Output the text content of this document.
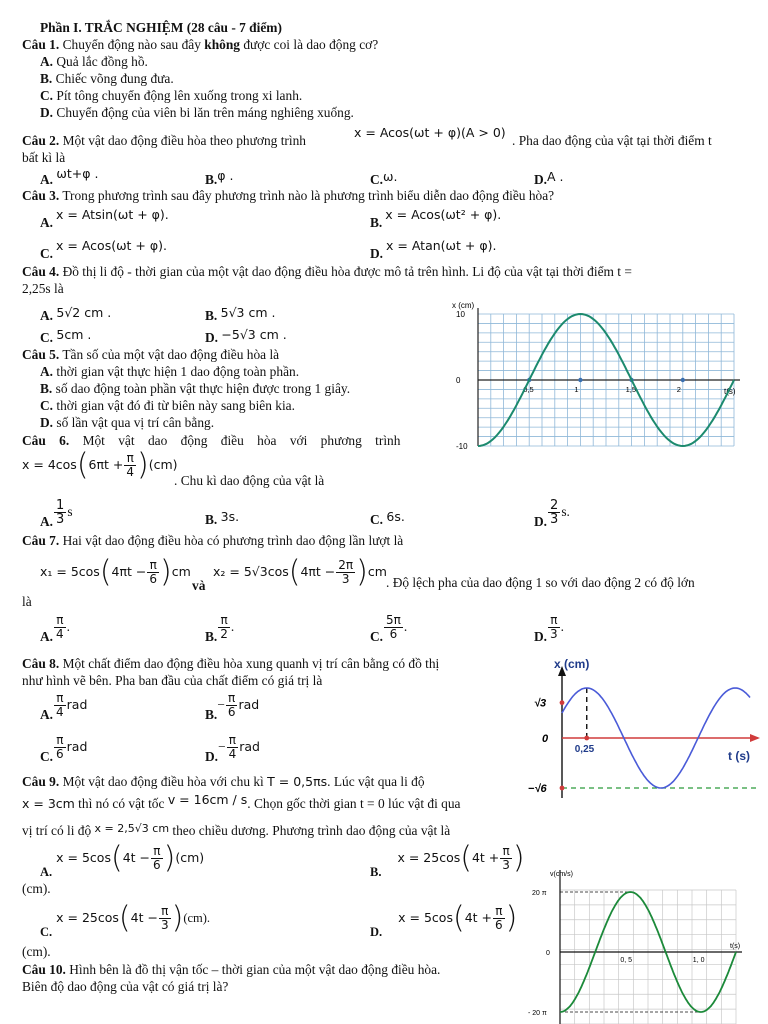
Phần I. TRẮC NGHIỆM (28 câu - 7 điểm)
Câu 1. Chuyển động nào sau đây không được coi là dao động cơ?
A. Quả lắc đồng hồ.
B. Chiếc võng đung đưa.
C. Pít tông chuyển động lên xuống trong xi lanh.
D. Chuyển động của viên bi lăn trên máng nghiêng xuống.
Câu 2. Một vật dao động điều hòa theo phương trình
x = Acos(ωt + φ)(A > 0)
. Pha dao động của vật tại thời điểm t
bất kì là
A. ωt+φ .	B.φ .	C.ω.	D.A .
Câu 3. Trong phương trình sau đây phương trình nào là phương trình biểu diễn dao động điều hòa?
A.x = Atsin(ωt + φ).
B.x = Acos(ωt² + φ).
C.x = Acos(ωt + φ).
D.x = Atan(ωt + φ).
Câu 4. Đồ thị li độ - thời gian của một vật dao động điều hòa được mô tả trên hình. Li độ của vật tại thời điểm t =
2,25s là
A. 5√2 cm .	B. 5√3 cm .
C. 5cm .	D. −5√3 cm .
x (cm)
t(s)
10
0
-10
0,5	1	1,5	2
Câu 5. Tần số của một vật dao động điều hòa là
A. thời gian vật thực hiện 1 dao động toàn phần.
B. số dao động toàn phần vật thực hiện được trong 1 giây.
C. thời gian vật đó đi từ biên này sang biên kia.
D. số lần vật qua vị trí cân bằng.
Câu 6. Một vật dao động điều hòa với phương trình
$x = 4\cos(6\pi t + \frac{\pi}{4} )(cm)$
. Chu kì dao động của vật là
A. $\frac{1}{3}$ s
B. 3s.	C. 6s.	D. $\frac{2}{3} s$.
Câu 7. Hai vật dao động điều hòa có phương trình dao động lần lượt là
$x_1 = 5\cos(4\pi t - \frac{\pi}{6} )cm$
và
$x_2 = 5√3\cos(4\pi t - \frac{2\pi}{3} )cm$
. Độ lệch pha của dao động 1 so với dao động 2 có độ lớn
là
A. $\frac{\pi}{4}$ .
B. $\frac{\pi}{2}$ .
C. $\frac{5\pi}{6}$ .
D. $\frac{\pi}{3}$ .
Câu 8. Một chất điểm dao động điều hòa xung quanh vị trí cân bằng có đồ thị
như hình vẽ bên. Pha ban đầu của chất điểm có giá trị là
A. $\frac{\pi}{4}$ rad
$B.- \frac{\pi}{6}$ rad
C. $\frac{\pi}{6}$ rad
$D.- \frac{\pi}{4}$ rad
x (cm)
t (s)
√3
0
−√6
0,25
Câu 9. Một vật dao động điều hòa với chu kì T = 0,5πs. Lúc vật qua li độ
x = 3cm thì nó có vật tốc v = 16cm / s. Chọn gốc thời gian t = 0 lúc vật đi qua
vị trí có li độ $^{x = 2,5√3 cm}$ theo chiều dương. Phương trình dao động của vật là
$A.x = 5\cos(4t - \frac{\pi}{6} )(cm)$
$B.x = 25\cos(4t + \frac{\pi}{3}$ )
(cm).
$C.x = 25\cos(4t - \frac{\pi}{3} )(cm)$.
$D.x = 5\cos(4t + \frac{\pi}{6}$ )
(cm).
Câu 10. Hình bên là đồ thị vận tốc – thời gian của một vật dao động điều hòa.
Biên độ dao động của vật có giá trị là?
v(cm/s)
t(s)
20 π
0
- 20 π
0, 5	1, 0
